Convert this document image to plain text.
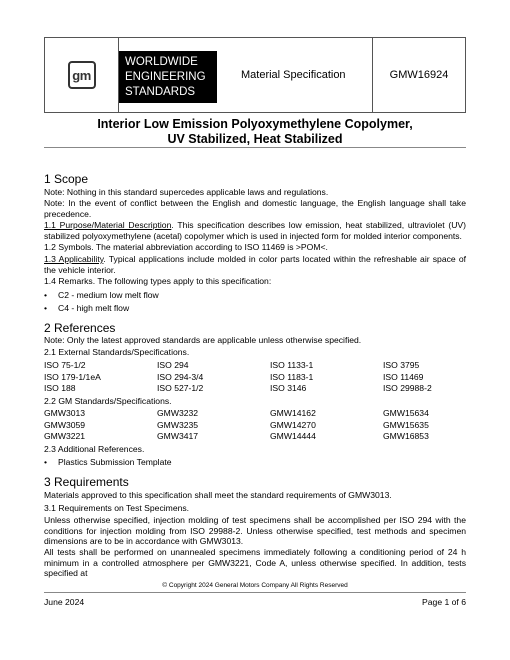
gm
WORLDWIDE
ENGINEERING
STANDARDS
Material Specification	GMW16924
Interior Low Emission Polyoxymethylene Copolymer,
UV Stabilized, Heat Stabilized
1 Scope
Note: Nothing in this standard supercedes applicable laws and regulations.
Note: In the event of conflict between the English and domestic language, the English language shall take precedence.
1.1 Purpose/Material Description. This specification describes low emission, heat stabilized, ultraviolet (UV) stabilized polyoxymethylene (acetal) copolymer which is used in injected form for molded interior components.
1.2 Symbols. The material abbreviation according to ISO 11469 is >POM<.
1.3 Applicability. Typical applications include molded in color parts located within the refreshable air space of the vehicle interior.
1.4 Remarks. The following types apply to this specification:
• C2 - medium low melt flow
• C4 - high melt flow
2 References
Note: Only the latest approved standards are applicable unless otherwise specified.
2.1 External Standards/Specifications.
ISO 75-1/2	ISO 294	ISO 1133-1	ISO 3795
ISO 179-1/1eA	ISO 294-3/4	ISO 1183-1	ISO 11469
ISO 188	ISO 527-1/2	ISO 3146	ISO 29988-2
2.2 GM Standards/Specifications.
GMW3013	GMW3232	GMW14162	GMW15634
GMW3059	GMW3235	GMW14270	GMW15635
GMW3221	GMW3417	GMW14444	GMW16853
2.3 Additional References.
• Plastics Submission Template
3 Requirements
Materials approved to this specification shall meet the standard requirements of GMW3013.
3.1 Requirements on Test Specimens.
Unless otherwise specified, injection molding of test specimens shall be accomplished per ISO 294 with the conditions for injection molding from ISO 29988-2. Unless otherwise specified, test methods and specimen dimensions are to be in accordance with GMW3013.
All tests shall be performed on unannealed specimens immediately following a conditioning period of 24 h minimum in a controlled atmosphere per GMW3221, Code A, unless otherwise specified. In addition, tests specified at
© Copyright 2024 General Motors Company All Rights Reserved
June 2024	Page 1 of 6
